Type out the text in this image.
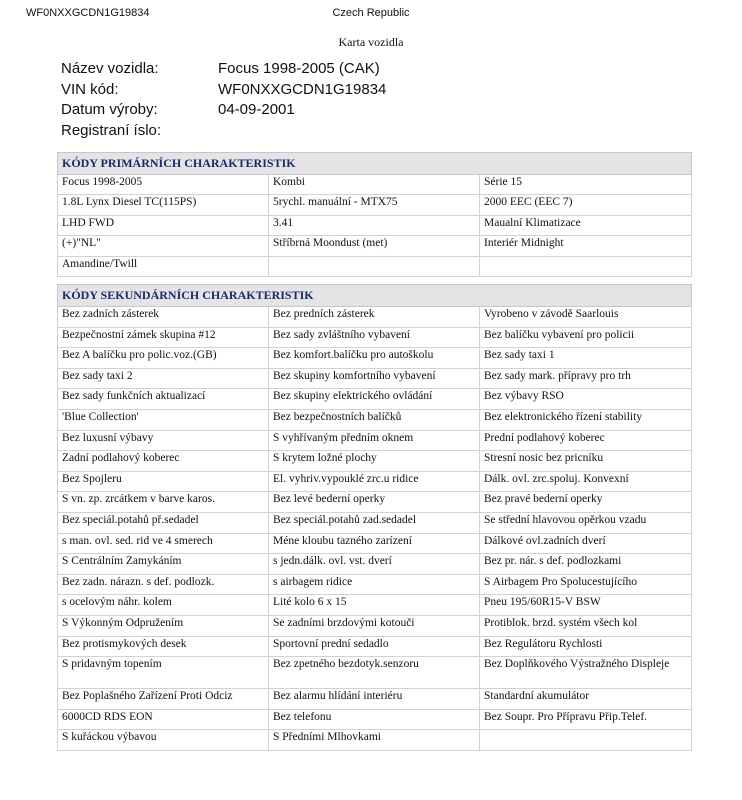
WF0NXXGCDN1G19834	Czech Republic
Karta vozidla
Název vozidla:	Focus 1998-2005 (CAK)
VIN kód:	WF0NXXGCDN1G19834
Datum výroby:	04-09-2001
Registraní íslo:
KÓDY PRIMÁRNÍCH CHARAKTERISTIK		
Focus 1998-2005	Kombi	Série 15
1.8L Lynx Diesel TC(115PS)	5rychl. manuální - MTX75	2000 EEC (EEC 7)
LHD FWD	3.41	Maualní Klimatizace
(+)"NL"	Stříbrná Moondust (met)	Interiér Midnight
Amandine/Twill		
KÓDY SEKUNDÁRNÍCH CHARAKTERISTIK		
Bez zadních zásterek	Bez predních zásterek	Vyrobeno v závodě Saarlouis
Bezpečnostní zámek skupina #12	Bez sady zvláštního vybavení	Bez balíčku vybavení pro policii
Bez A balíčku pro polic.voz.(GB)	Bez komfort.balíčku pro autoškolu	Bez sady taxi 1
Bez sady taxi 2	Bez skupiny komfortního vybavení	Bez sady mark. přípravy pro trh
Bez sady funkčních aktualizací	Bez skupiny elektrického ovládání	Bez výbavy RSO
'Blue Collection'	Bez bezpečnostních balíčků	Bez elektronického řízení stability
Bez luxusní výbavy	S vyhřívaným předním oknem	Prední podlahový koberec
Zadní podlahový koberec	S krytem ložné plochy	Stresní nosic bez pricníku
Bez Spojleru	El. vyhriv.vypouklé zrc.u ridice	Dálk. ovl. zrc.spoluj. Konvexní
S vn. zp. zrcátkem v barve karos.	Bez levé bederní operky	Bez pravé bederní operky
Bez speciál.potahů př.sedadel	Bez speciál.potahů zad.sedadel	Se střední hlavovou opěrkou vzadu
s man. ovl. sed. rid ve 4 smerech	Méne kloubu tazného zarízení	Dálkové ovl.zadních dverí
S Centrálním Zamykáním	s jedn.dálk. ovl. vst. dverí	Bez pr. nár. s def. podlozkami
Bez zadn. nárazn. s def. podlozk.	s airbagem ridice	S Airbagem Pro Spolucestujícího
s ocelovým náhr. kolem	Lité kolo 6 x 15	Pneu 195/60R15-V BSW
S Výkonným Odpružením	Se zadními brzdovými kotouči	Protiblok. brzd. systém všech kol
Bez protismykových desek	Sportovní prední sedadlo	Bez Regulátoru Rychlosti
S pridavným topením	Bez zpetného bezdotyk.senzoru	Bez Doplňkového Výstražného Displeje
Bez Poplašného Zařízení Proti Odciz	Bez alarmu hlídání interiéru	Standardní akumulátor
6000CD RDS EON	Bez telefonu	Bez Soupr. Pro Přípravu Přip.Telef.
S kuřáckou výbavou	S Předními Mlhovkami	
